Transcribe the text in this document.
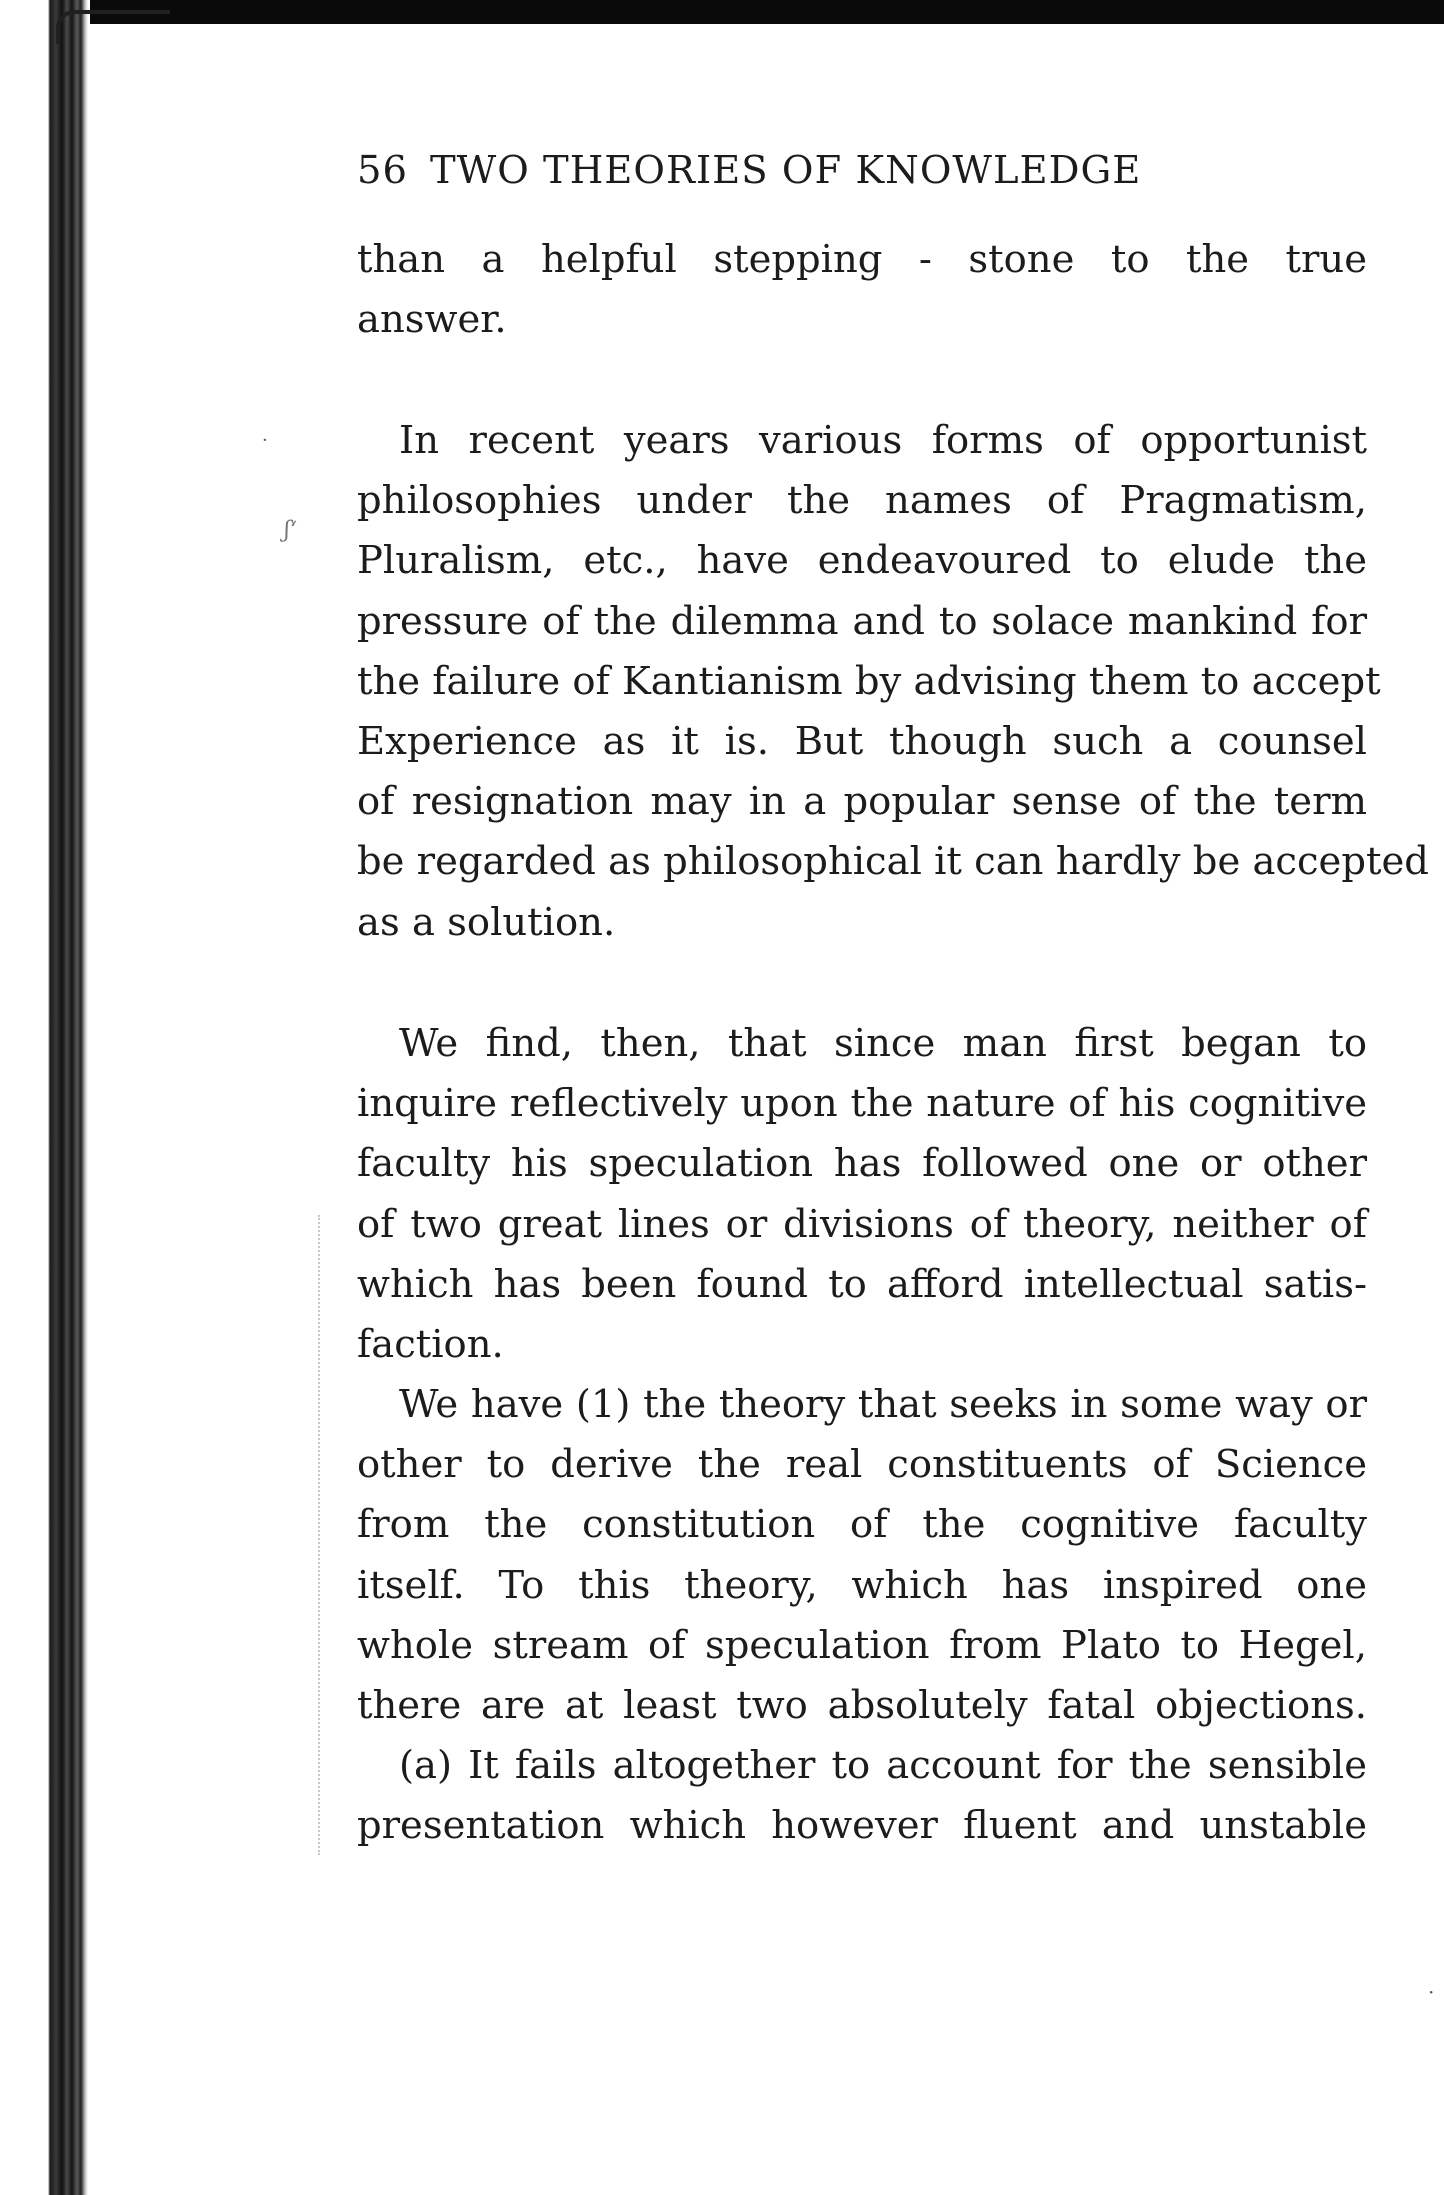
56 TWO THEORIES OF KNOWLEDGE
than a helpful stepping - stone to the true
answer.
In recent years various forms of opportunist
philosophies under the names of Pragmatism,
Pluralism, etc., have endeavoured to elude the
pressure of the dilemma and to solace mankind for
the failure of Kantianism by advising them to accept
Experience as it is. But though such a counsel
of resignation may in a popular sense of the term
be regarded as philosophical it can hardly be accepted
as a solution.
We find, then, that since man first began to
inquire reflectively upon the nature of his cognitive
faculty his speculation has followed one or other
of two great lines or divisions of theory, neither of
which has been found to afford intellectual satis-
faction.
We have (1) the theory that seeks in some way or
other to derive the real constituents of Science
from the constitution of the cognitive faculty
itself. To this theory, which has inspired one
whole stream of speculation from Plato to Hegel,
there are at least two absolutely fatal objections.
(a) It fails altogether to account for the sensible
presentation which however fluent and unstable
·
ʃ‘
·
